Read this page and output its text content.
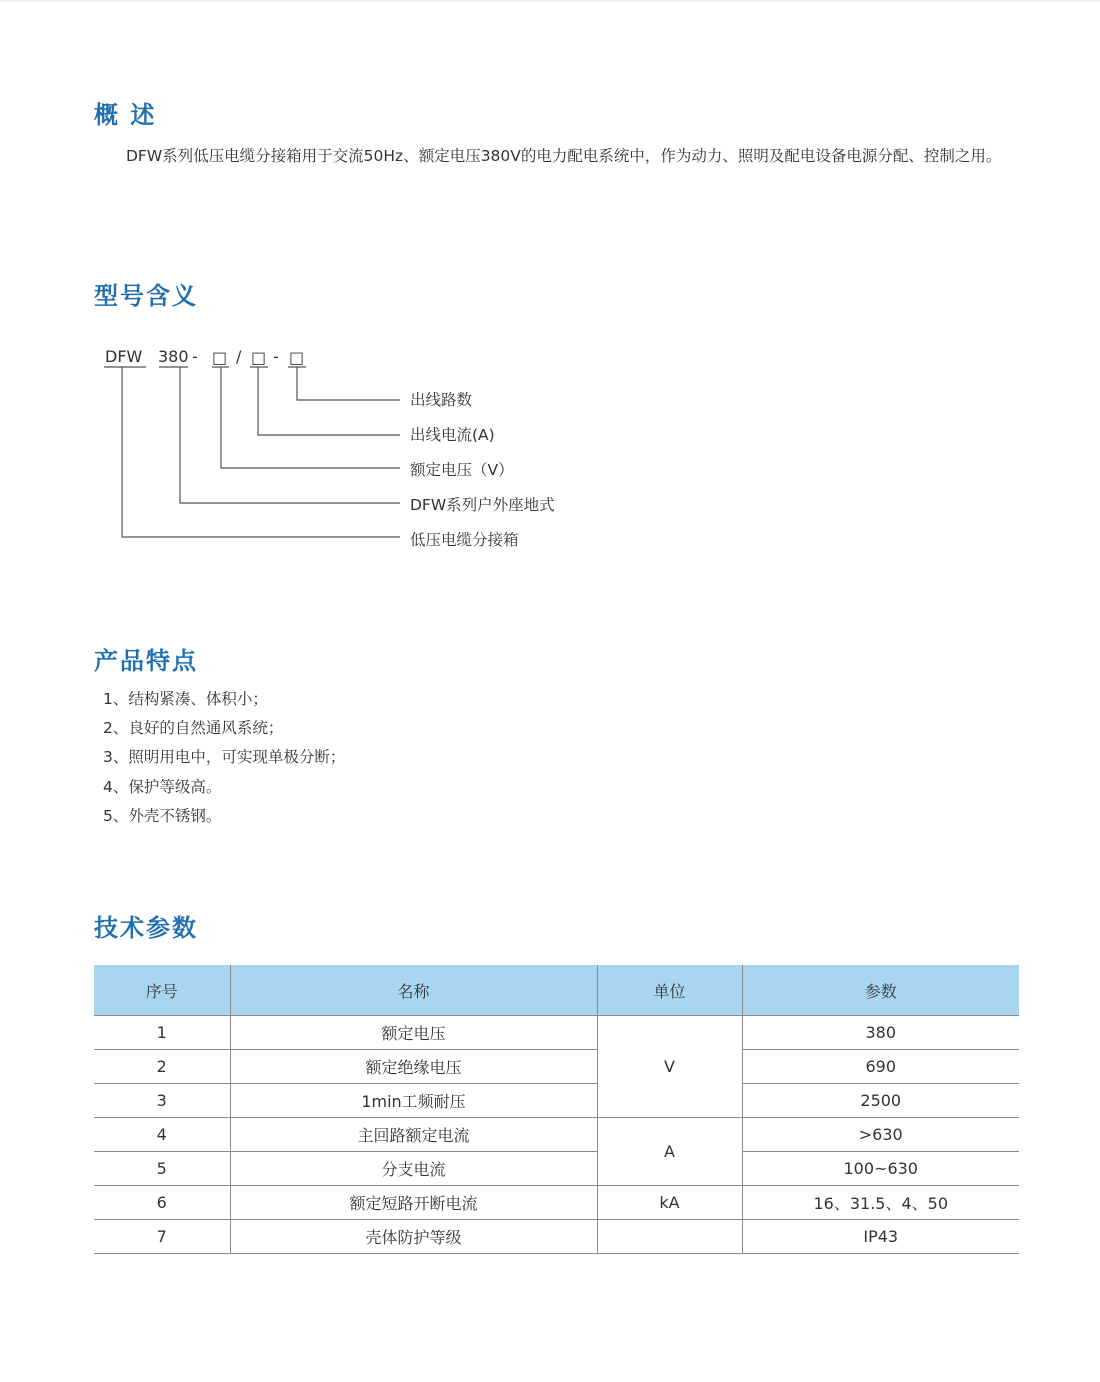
概 述

DFW系列低压电缆分接箱用于交流50Hz、额定电压380V的电力配电系统中，作为动力、照明及配电设备电源分配、控制之用。

型号含义
DFW 380 - □ / □ - □
出线路数
出线电流(A)
额定电压（V）
DFW系列户外座地式
低压电缆分接箱
产品特点
1、结构紧凑、体积小；
2、良好的自然通风系统；
3、照明用电中，可实现单极分断；
4、保护等级高。
5、外壳不锈钢。
技术参数
序号	名称	单位	参数
1	额定电压	V	380
2	额定绝缘电压		690
3	1min工频耐压		2500
4	主回路额定电流	A	>630
5	分支电流		100~630
6	额定短路开断电流	kA	16、31.5、4、50
7	壳体防护等级		IP43
